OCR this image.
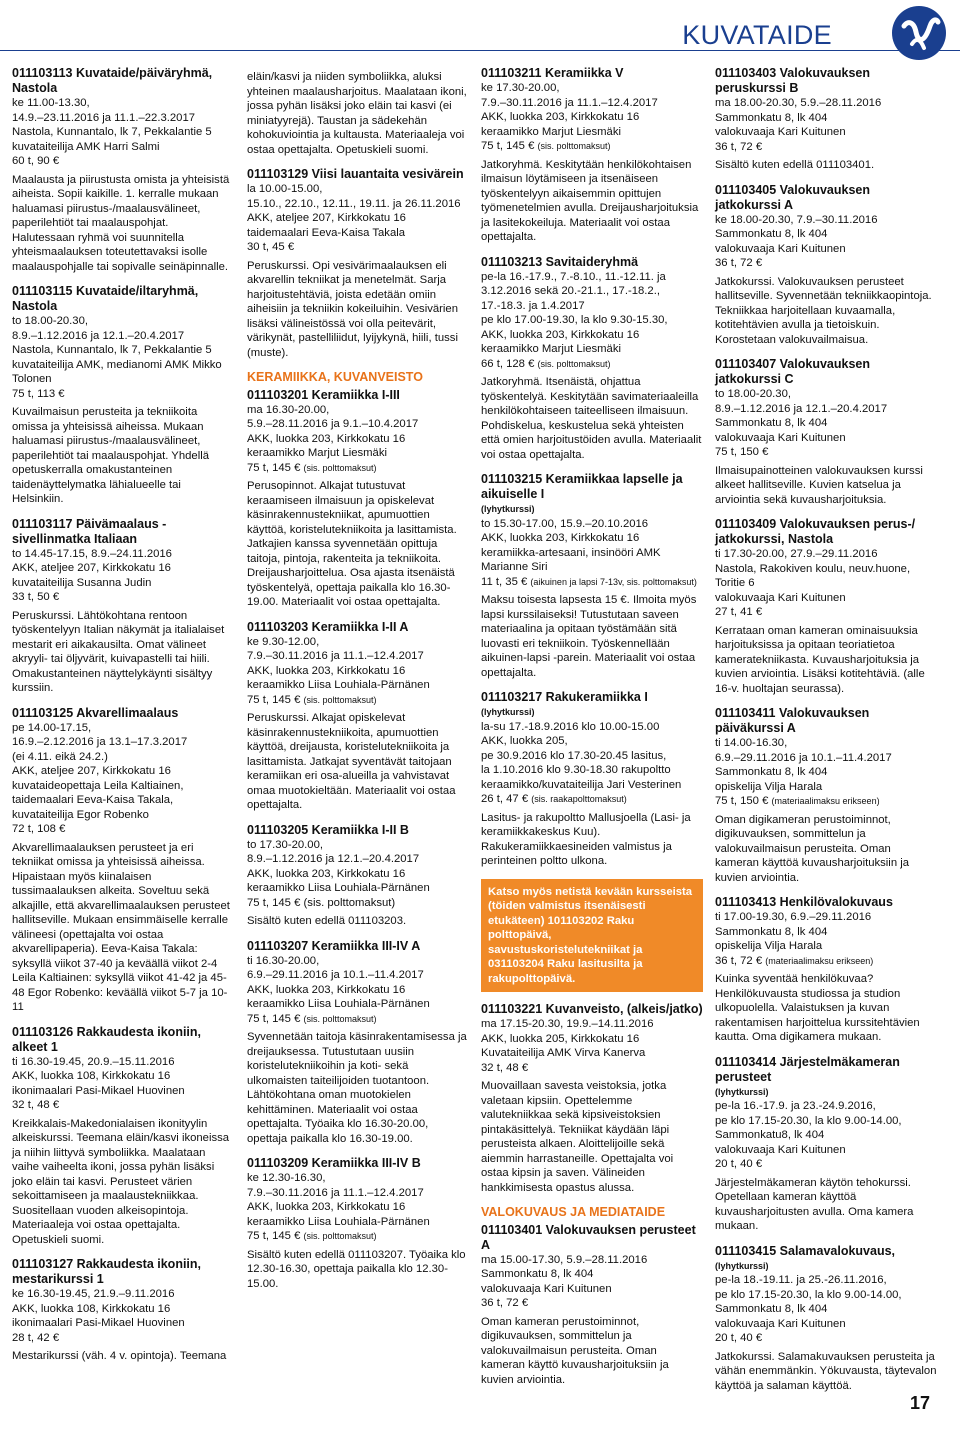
KUVATAIDE
011103113 Kuvataide/päiväryhmä, Nastola
ke 11.00-13.30,
14.9.–23.11.2016 ja 11.1.–22.3.2017
Nastola, Kunnantalo, lk 7, Pekkalantie 5
kuvataiteilija AMK Harri Salmi
60 t, 90 €
Maalausta ja piirustusta omista ja yhteisistä aiheista. Sopii kaikille. 1. kerralle mukaan haluamasi piirustus-/maalausvälineet, paperilehtiöt tai maalauspohjat. Halutessaan ryhmä voi suunnitella yhteismaalauksen toteutettavaksi isolle maalauspohjalle tai sopivalle seinäpinnalle.
011103115 Kuvataide/iltaryhmä, Nastola
to 18.00-20.30,
8.9.–1.12.2016 ja 12.1.–20.4.2017
Nastola, Kunnantalo, lk 7, Pekkalantie 5
kuvataiteilija AMK, medianomi AMK Mikko Tolonen
75 t, 113 €
Kuvailmaisun perusteita ja tekniikoita omissa ja yhteisissä aiheissa. Mukaan haluamasi piirustus-/maalausvälineet, paperilehtiöt tai maalauspohjat. Yhdellä opetuskerralla omakustanteinen taidenäyttelymatka lähialueelle tai Helsinkiin.
011103117 Päivämaalaus - sivellinmatka Italiaan
to 14.45-17.15, 8.9.–24.11.2016
AKK, ateljee 207, Kirkkokatu 16
kuvataiteilija Susanna Judin
33 t, 50 €
Peruskurssi. Lähtökohtana rentoon työskentelyyn Italian näkymät ja italialaiset mestarit eri aikakausilta. Omat välineet akryyli- tai öljyvärit, kuivapastelli tai hiili. Omakustanteinen näyttelykäynti sisältyy kurssiin.
011103125 Akvarellimaalaus
pe 14.00-17.15,
16.9.–2.12.2016 ja 13.1–17.3.2017
(ei 4.11. eikä 24.2.)
AKK, ateljee 207, Kirkkokatu 16
kuvataideopettaja Leila Kaltiainen, taidemaalari Eeva-Kaisa Takala, kuvataiteilija Egor Robenko
72 t, 108 €
Akvarellimaalauksen perusteet ja eri tekniikat omissa ja yhteisissä aiheissa. Hipaistaan myös kiinalaisen tussimaalauksen alkeita. Soveltuu sekä alkajille, että akvarellimaalauksen perusteet hallitseville. Mukaan ensimmäiselle kerralle välineesi (opettajalta voi ostaa akvarellipaperia). Eeva-Kaisa Takala: syksyllä viikot 37-40 ja keväällä viikot 2-4 Leila Kaltiainen: syksyllä viikot 41-42 ja 45-48 Egor Robenko: keväällä viikot 5-7 ja 10-11
011103126 Rakkaudesta ikoniin, alkeet 1
ti 16.30-19.45, 20.9.–15.11.2016
AKK, luokka 108, Kirkkokatu 16
ikonimaalari Pasi-Mikael Huovinen
32 t, 48 €
Kreikkalais-Makedonialaisen ikonityylin alkeiskurssi. Teemana eläin/kasvi ikoneissa ja niihin liittyvä symboliikka. Maalataan vaihe vaiheelta ikoni, jossa pyhän lisäksi joko eläin tai kasvi. Perusteet värien sekoittamiseen ja maalaustekniikkaa. Suositellaan vuoden alkeisopintoja. Materiaaleja voi ostaa opettajalta. Opetuskieli suomi.
011103127 Rakkaudesta ikoniin, mestarikurssi 1
ke 16.30-19.45, 21.9.–9.11.2016
AKK, luokka 108, Kirkkokatu 16
ikonimaalari Pasi-Mikael Huovinen
28 t, 42 €
Mestarikurssi (väh. 4 v. opintoja). Teemana
eläin/kasvi ja niiden symboliikka, aluksi yhteinen maalausharjoitus. Maalataan ikoni, jossa pyhän lisäksi joko eläin tai kasvi (ei miniatyyrejä). Taustan ja sädekehän kohokuviointia ja kultausta. Materiaaleja voi ostaa opettajalta. Opetuskieli suomi.
011103129 Viisi lauantaita vesivärein
la 10.00-15.00,
15.10., 22.10., 12.11., 19.11. ja 26.11.2016
AKK, ateljee 207, Kirkkokatu 16
taidemaalari Eeva-Kaisa Takala
30 t, 45 €
Peruskurssi. Opi vesivärimaalauksen eli akvarellin tekniikat ja menetelmät. Sarja harjoitustehtäviä, joista edetään omiin aiheisiin ja tekniikin kokeiluihin. Vesivärien lisäksi välineistössä voi olla peitevärit, värikynät, pastelliliidut, lyijykynä, hiili, tussi (muste).
KERAMIIKKA, KUVANVEISTO
011103201 Keramiikka I-III
ma 16.30-20.00,
5.9.–28.11.2016 ja 9.1.–10.4.2017
AKK, luokka 203, Kirkkokatu 16
keraamikko Marjut Liesmäki
75 t, 145 € (sis. polttomaksut)
Perusopinnot. Alkajat tutustuvat keraamiseen ilmaisuun ja opiskelevat käsinrakennustekniikat, apumuottien käyttöä, koristelutekniikoita ja lasittamista. Jatkajien kanssa syvennetään opittuja taitoja, pintoja, rakenteita ja tekniikoita. Dreijausharjoittelua. Osa ajasta itsenäistä työskentelyä, opettaja paikalla klo 16.30-19.00. Materiaalit voi ostaa opettajalta.
011103203 Keramiikka I-II A
ke 9.30-12.00,
7.9.–30.11.2016 ja 11.1.–12.4.2017
AKK, luokka 203, Kirkkokatu 16
keraamikko Liisa Louhiala-Pärnänen
75 t, 145 € (sis. polttomaksut)
Peruskurssi. Alkajat opiskelevat käsinrakennustekniikoita, apumuottien käyttöä, dreijausta, koristelutekniikoita ja lasittamista. Jatkajat syventävät taitojaan keramiikan eri osa-alueilla ja vahvistavat omaa muotokieltään. Materiaalit voi ostaa opettajalta.
011103205 Keramiikka I-II B
to 17.30-20.00,
8.9.–1.12.2016 ja 12.1.–20.4.2017
AKK, luokka 203, Kirkkokatu 16
keraamikko Liisa Louhiala-Pärnänen
75 t, 145 € (sis. polttomaksut)
Sisältö kuten edellä 011103203.
011103207 Keramiikka III-IV A
ti 16.30-20.00,
6.9.–29.11.2016 ja 10.1.–11.4.2017
AKK, luokka 203, Kirkkokatu 16
keraamikko Liisa Louhiala-Pärnänen
75 t, 145 € (sis. polttomaksut)
Syvennetään taitoja käsinrakentamisessa ja dreijauksessa. Tutustutaan uusiin koristelutekniikoihin ja koti- sekä ulkomaisten taiteilijoiden tuotantoon. Lähtökohtana oman muotokielen kehittäminen. Materiaalit voi ostaa opettajalta. Työaika klo 16.30-20.00, opettaja paikalla klo 16.30-19.00.
011103209 Keramiikka III-IV B
ke 12.30-16.30,
7.9.–30.11.2016 ja 11.1.–12.4.2017
AKK, luokka 203, Kirkkokatu 16
keraamikko Liisa Louhiala-Pärnänen
75 t, 145 € (sis. polttomaksut)
Sisältö kuten edellä 011103207. Työaika klo 12.30-16.30, opettaja paikalla klo 12.30-15.00.
011103211 Keramiikka V
ke 17.30-20.00,
7.9.–30.11.2016 ja 11.1.–12.4.2017
AKK, luokka 203, Kirkkokatu 16
keraamikko Marjut Liesmäki
75 t, 145 € (sis. polttomaksut)
Jatkoryhmä. Keskitytään henkilökohtaisen ilmaisun löytämiseen ja itsenäiseen työskentelyyn aikaisemmin opittujen työmenetelmien avulla. Dreijausharjoituksia ja lasitekokeiluja. Materiaalit voi ostaa opettajalta.
011103213 Savitaideryhmä
pe-la 16.-17.9., 7.-8.10., 11.-12.11. ja 3.12.2016 sekä 20.-21.1., 17.-18.2., 17.-18.3. ja 1.4.2017
pe klo 17.00-19.30, la klo 9.30-15.30,
AKK, luokka 203, Kirkkokatu 16
keraamikko Marjut Liesmäki
66 t, 128 € (sis. polttomaksut)
Jatkoryhmä. Itsenäistä, ohjattua työskentelyä. Keskitytään savimateriaaleilla henkilökohtaiseen taiteelliseen ilmaisuun. Pohdiskelua, keskustelua sekä yhteisten että omien harjoitustöiden avulla. Materiaalit voi ostaa opettajalta.
011103215 Keramiikkaa lapselle ja aikuiselle I
(lyhytkurssi)
to 15.30-17.00, 15.9.–20.10.2016
AKK, luokka 203, Kirkkokatu 16
keramiikka-artesaani, insinööri AMK Marianne Siri
11 t, 35 € (aikuinen ja lapsi 7-13v, sis. polttomaksut)
Maksu toisesta lapsesta 15 €. Ilmoita myös lapsi kurssilaiseksi! Tutustutaan saveen materiaalina ja opitaan työstämään sitä luovasti eri tekniikoin. Työskennellään aikuinen-lapsi -parein. Materiaalit voi ostaa opettajalta.
011103217 Rakukeramiikka I
(lyhytkurssi)
la-su 17.-18.9.2016 klo 10.00-15.00
AKK, luokka 205,
pe 30.9.2016 klo 17.30-20.45 lasitus,
la 1.10.2016 klo 9.30-18.30 rakupoltto
keraamikko/kuvataiteilija Jari Vesterinen
26 t, 47 € (sis. raakapolttomaksut)
Lasitus- ja rakupoltto Mallusjoella (Lasi- ja keramiikkakeskus Kuu). Rakukeramiikkaesineiden valmistus ja perinteinen poltto ulkona.
Katso myös netistä kevään kursseista (töiden valmistus itsenäisesti etukäteen) 101103202 Raku polttopäivä, savustuskoristelutekniikat ja 031103204 Raku lasitusilta ja rakupolttopäivä.
011103221 Kuvanveisto, (alkeis/jatko)
ma 17.15-20.30, 19.9.–14.11.2016
AKK, luokka 205, Kirkkokatu 16
Kuvataiteilija AMK Virva Kanerva
32 t, 48 €
Muovaillaan savesta veistoksia, jotka valetaan kipsiin. Opettelemme valutekniikkaa sekä kipsiveistoksien pintakäsittelyä. Tekniikat käydään läpi perusteista alkaen. Aloittelijoille sekä aiemmin harrastaneille. Opettajalta voi ostaa kipsin ja saven. Välineiden hankkimisesta opastus alussa.
VALOKUVAUS JA MEDIATAIDE
011103401 Valokuvauksen perusteet A
ma 15.00-17.30, 5.9.–28.11.2016
Sammonkatu 8, lk 404
valokuvaaja Kari Kuitunen
36 t, 72 €
Oman kameran perustoiminnot, digikuvauksen, sommittelun ja valokuvailmaisun perusteita. Oman kameran käyttö kuvausharjoituksiin ja kuvien arviointia.
011103403 Valokuvauksen peruskurssi B
ma 18.00-20.30, 5.9.–28.11.2016
Sammonkatu 8, lk 404
valokuvaaja Kari Kuitunen
36 t, 72 €
Sisältö kuten edellä 011103401.
011103405 Valokuvauksen jatkokurssi A
ke 18.00-20.30, 7.9.–30.11.2016
Sammonkatu 8, lk 404
valokuvaaja Kari Kuitunen
36 t, 72 €
Jatkokurssi. Valokuvauksen perusteet hallitseville. Syvennetään tekniikkaopintoja. Tekniikkaa harjoitellaan kuvaamalla, kotitehtävien avulla ja tietoiskuin. Korostetaan valokuvailmaisua.
011103407 Valokuvauksen jatkokurssi C
to 18.00-20.30,
8.9.–1.12.2016 ja 12.1.–20.4.2017
Sammonkatu 8, lk 404
valokuvaaja Kari Kuitunen
75 t, 150 €
Ilmaisupainotteinen valokuvauksen kurssi alkeet hallitseville. Kuvien katselua ja arviointia sekä kuvausharjoituksia.
011103409 Valokuvauksen perus-/ jatkokurssi, Nastola
ti 17.30-20.00, 27.9.–29.11.2016
Nastola, Rakokiven koulu, neuv.huone, Toritie 6
valokuvaaja Kari Kuitunen
27 t, 41 €
Kerrataan oman kameran ominaisuuksia harjoituksissa ja opitaan teoriatietoa kameratekniikasta. Kuvausharjoituksia ja kuvien arviointia. Lisäksi kotitehtäviä. (alle 16-v. huoltajan seurassa).
011103411 Valokuvauksen päiväkurssi A
ti 14.00-16.30,
6.9.–29.11.2016 ja 10.1.–11.4.2017
Sammonkatu 8, lk 404
opiskelija Vilja Harala
75 t, 150 € (materiaalimaksu erikseen)
Oman digikameran perustoiminnot, digikuvauksen, sommittelun ja valokuvailmaisun perusteita. Oman kameran käyttöä kuvausharjoituksiin ja kuvien arviointia.
011103413 Henkilövalokuvaus
ti 17.00-19.30, 6.9.–29.11.2016
Sammonkatu 8, lk 404
opiskelija Vilja Harala
36 t, 72 € (materiaalimaksu erikseen)
Kuinka syventää henkilökuvaa? Henkilökuvausta studiossa ja studion ulkopuolella. Valaistuksen ja kuvan rakentamisen harjoittelua kurssitehtävien kautta. Oma digikamera mukaan.
011103414 Järjestelmäkameran perusteet
(lyhytkurssi)
pe-la 16.-17.9. ja 23.-24.9.2016,
pe klo 17.15-20.30, la klo 9.00-14.00,
Sammonkatu8, lk 404
valokuvaaja Kari Kuitunen
20 t, 40 €
Järjestelmäkameran käytön tehokurssi. Opetellaan kameran käyttöä kuvausharjoitusten avulla. Oma kamera mukaan.
011103415 Salamavalokuvaus,
(lyhytkurssi)
pe-la 18.-19.11. ja 25.-26.11.2016,
pe klo 17.15-20.30, la klo 9.00-14.00,
Sammonkatu 8, lk 404
valokuvaaja Kari Kuitunen
20 t, 40 €
Jatkokurssi. Salamakuvauksen perusteita ja vähän enemmänkin. Yökuvausta, täytevalon käyttöä ja salaman käyttöä.
17
